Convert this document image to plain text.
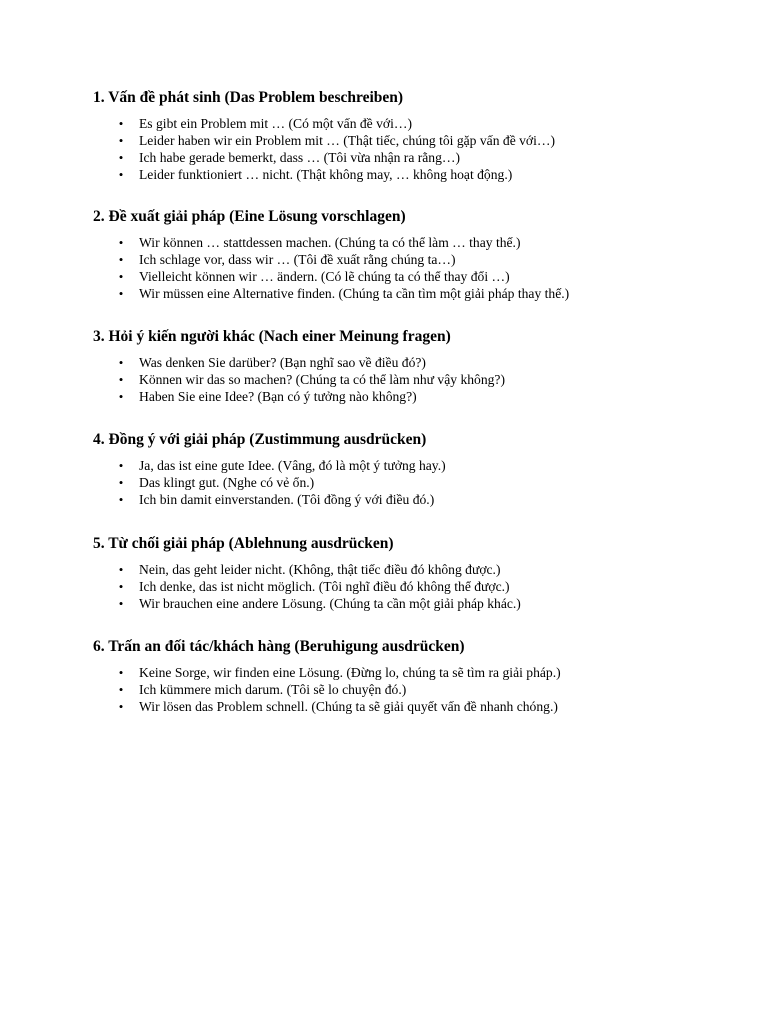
1. Vấn đề phát sinh (Das Problem beschreiben)
• Es gibt ein Problem mit … (Có một vấn đề với…)
• Leider haben wir ein Problem mit … (Thật tiếc, chúng tôi gặp vấn đề với…)
• Ich habe gerade bemerkt, dass … (Tôi vừa nhận ra rằng…)
• Leider funktioniert … nicht. (Thật không may, … không hoạt động.)
2. Đề xuất giải pháp (Eine Lösung vorschlagen)
• Wir können … stattdessen machen. (Chúng ta có thể làm … thay thế.)
• Ich schlage vor, dass wir … (Tôi đề xuất rằng chúng ta…)
• Vielleicht können wir … ändern. (Có lẽ chúng ta có thể thay đổi …)
• Wir müssen eine Alternative finden. (Chúng ta cần tìm một giải pháp thay thế.)
3. Hỏi ý kiến người khác (Nach einer Meinung fragen)
• Was denken Sie darüber? (Bạn nghĩ sao về điều đó?)
• Können wir das so machen? (Chúng ta có thể làm như vậy không?)
• Haben Sie eine Idee? (Bạn có ý tưởng nào không?)
4. Đồng ý với giải pháp (Zustimmung ausdrücken)
• Ja, das ist eine gute Idee. (Vâng, đó là một ý tưởng hay.)
• Das klingt gut. (Nghe có vẻ ổn.)
• Ich bin damit einverstanden. (Tôi đồng ý với điều đó.)
5. Từ chối giải pháp (Ablehnung ausdrücken)
• Nein, das geht leider nicht. (Không, thật tiếc điều đó không được.)
• Ich denke, das ist nicht möglich. (Tôi nghĩ điều đó không thể được.)
• Wir brauchen eine andere Lösung. (Chúng ta cần một giải pháp khác.)
6. Trấn an đối tác/khách hàng (Beruhigung ausdrücken)
• Keine Sorge, wir finden eine Lösung. (Đừng lo, chúng ta sẽ tìm ra giải pháp.)
• Ich kümmere mich darum. (Tôi sẽ lo chuyện đó.)
• Wir lösen das Problem schnell. (Chúng ta sẽ giải quyết vấn đề nhanh chóng.)
